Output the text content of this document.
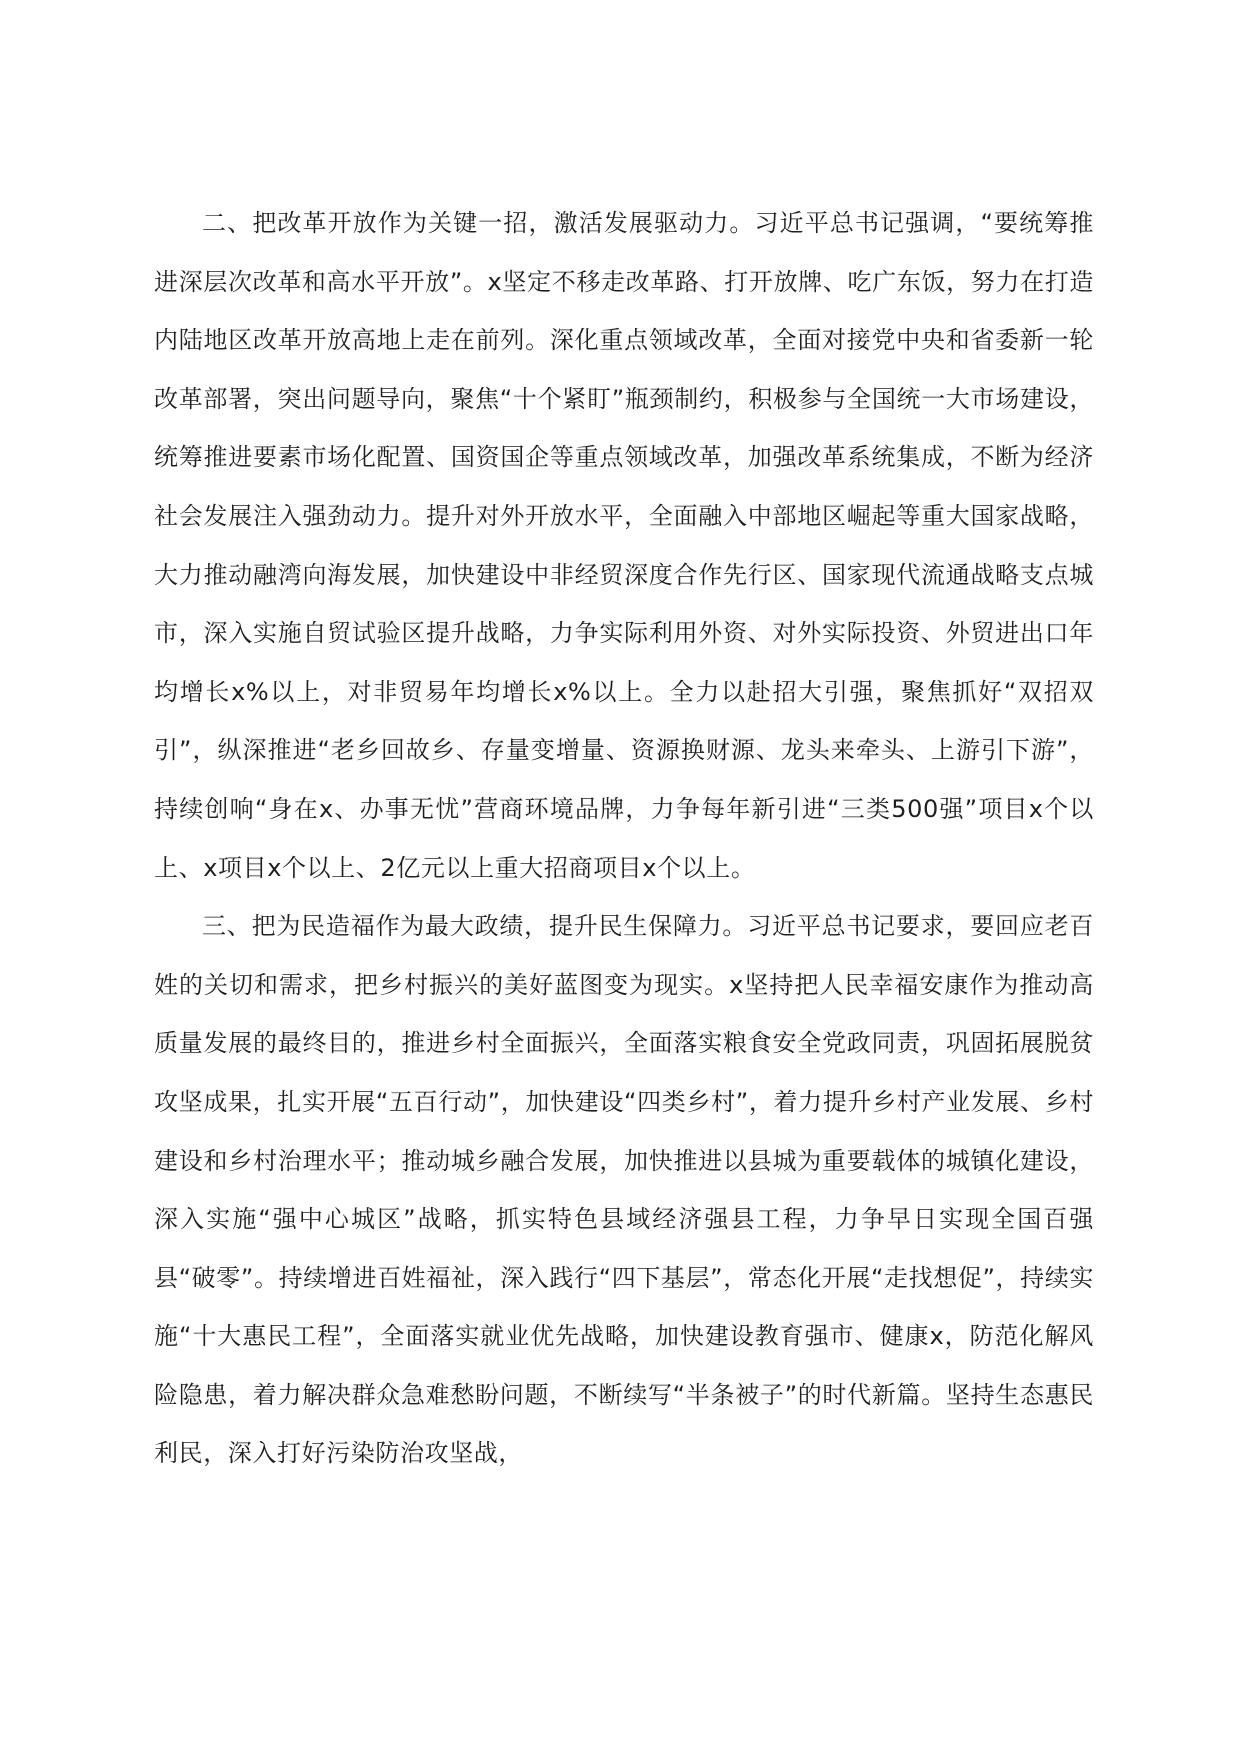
二、把改革开放作为关键一招，激活发展驱动力。习近平总书记强调，“要统筹推进深层次改革和高水平开放”。x坚定不移走改革路、打开放牌、吃广东饭，努力在打造内陆地区改革开放高地上走在前列。深化重点领域改革，全面对接党中央和省委新一轮改革部署，突出问题导向，聚焦“十个紧盯”瓶颈制约，积极参与全国统一大市场建设，统筹推进要素市场化配置、国资国企等重点领域改革，加强改革系统集成，不断为经济社会发展注入强劲动力。提升对外开放水平，全面融入中部地区崛起等重大国家战略，大力推动融湾向海发展，加快建设中非经贸深度合作先行区、国家现代流通战略支点城市，深入实施自贸试验区提升战略，力争实际利用外资、对外实际投资、外贸进出口年均增长x%以上，对非贸易年均增长x%以上。全力以赴招大引强，聚焦抓好“双招双引”，纵深推进“老乡回故乡、存量变增量、资源换财源、龙头来牵头、上游引下游”，持续创响“身在x、办事无忧”营商环境品牌，力争每年新引进“三类500强”项目x个以上、x项目x个以上、2亿元以上重大招商项目x个以上。

三、把为民造福作为最大政绩，提升民生保障力。习近平总书记要求，要回应老百姓的关切和需求，把乡村振兴的美好蓝图变为现实。x坚持把人民幸福安康作为推动高质量发展的最终目的，推进乡村全面振兴，全面落实粮食安全党政同责，巩固拓展脱贫攻坚成果，扎实开展“五百行动”，加快建设“四类乡村”，着力提升乡村产业发展、乡村建设和乡村治理水平；推动城乡融合发展，加快推进以县城为重要载体的城镇化建设，深入实施“强中心城区”战略，抓实特色县域经济强县工程，力争早日实现全国百强县“破零”。持续增进百姓福祉，深入践行“四下基层”，常态化开展“走找想促”，持续实施“十大惠民工程”，全面落实就业优先战略，加快建设教育强市、健康x，防范化解风险隐患，着力解决群众急难愁盼问题，不断续写“半条被子”的时代新篇。坚持生态惠民利民，深入打好污染防治攻坚战，
